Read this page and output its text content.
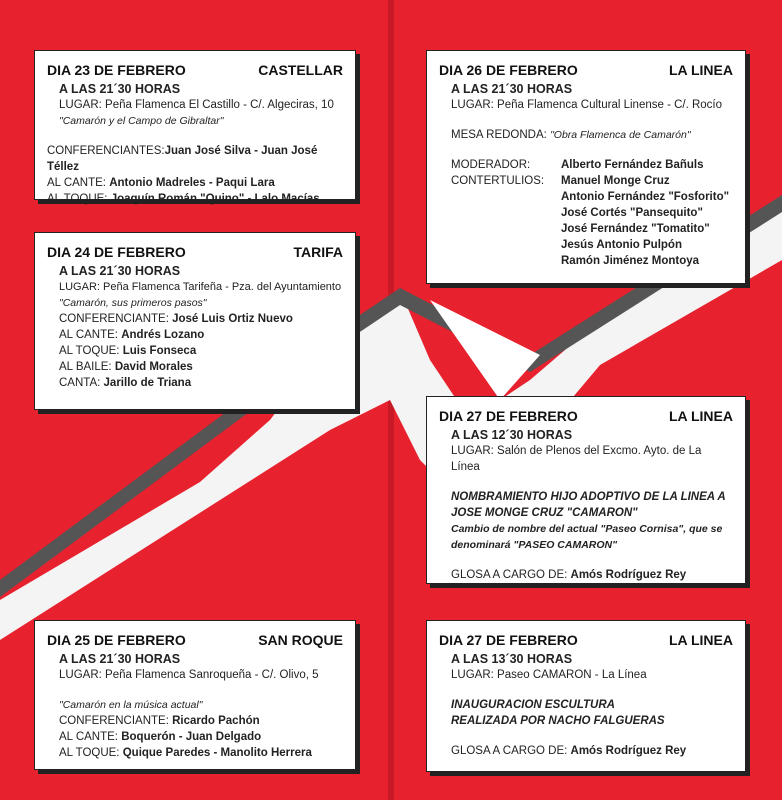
DIA 23 DE FEBRERO	CASTELLAR
A LAS 21´30 HORAS
LUGAR: Peña Flamenca El Castillo - C/. Algeciras, 10
"Camarón y el Campo de Gibraltar"
CONFERENCIANTES:Juan José Silva - Juan José Téllez
AL CANTE: Antonio Madreles - Paqui Lara
AL TOQUE: Joaquín Román "Quino" - Lalo Macías
DIA 24 DE FEBRERO	TARIFA
A LAS 21´30 HORAS
LUGAR: Peña Flamenca Tarifeña - Pza. del Ayuntamiento
"Camarón, sus primeros pasos"
CONFERENCIANTE: José Luis Ortiz Nuevo
AL CANTE: Andrés Lozano
AL TOQUE: Luis Fonseca
AL BAILE: David Morales
CANTA: Jarillo de Triana
DIA 25 DE FEBRERO	SAN ROQUE
A LAS 21´30 HORAS
LUGAR: Peña Flamenca Sanroqueña - C/. Olivo, 5
"Camarón en la música actual"
CONFERENCIANTE: Ricardo Pachón
AL CANTE: Boquerón - Juan Delgado
AL TOQUE: Quique Paredes - Manolito Herrera
DIA 26 DE FEBRERO	LA LINEA
A LAS 21´30 HORAS
LUGAR: Peña Flamenca Cultural Linense - C/. Rocío
MESA REDONDA: "Obra Flamenca de Camarón"
MODERADOR:	Alberto Fernández Bañuls
CONTERTULIOS:	Manuel Monge Cruz
Antonio Fernández "Fosforito"
José Cortés "Pansequito"
José Fernández "Tomatito"
Jesús Antonio Pulpón
Ramón Jiménez Montoya
DIA 27 DE FEBRERO	LA LINEA
A LAS 12´30 HORAS
LUGAR: Salón de Plenos del Excmo. Ayto. de La Línea
NOMBRAMIENTO HIJO ADOPTIVO DE LA LINEA A
JOSE MONGE CRUZ "CAMARON"
Cambio de nombre del actual "Paseo Cornisa", que se
denominará "PASEO CAMARON"
GLOSA A CARGO DE: Amós Rodríguez Rey
DIA 27 DE FEBRERO	LA LINEA
A LAS 13´30 HORAS
LUGAR: Paseo CAMARON - La Línea
INAUGURACION ESCULTURA
REALIZADA POR NACHO FALGUERAS
GLOSA A CARGO DE: Amós Rodríguez Rey
